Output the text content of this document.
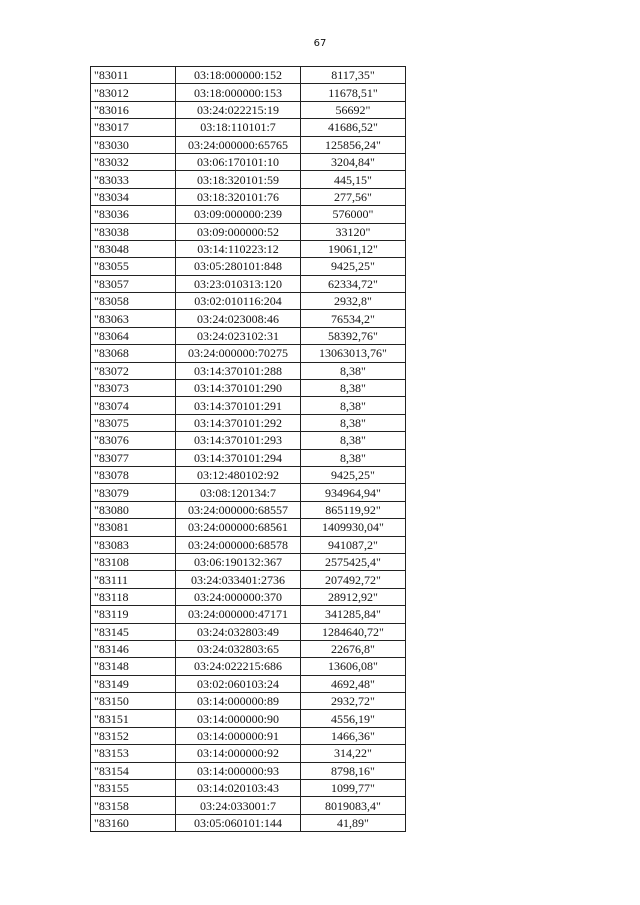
67
"83011	03:18:000000:152	8117,35"
"83012	03:18:000000:153	11678,51"
"83016	03:24:022215:19	56692"
"83017	03:18:110101:7	41686,52"
"83030	03:24:000000:65765	125856,24"
"83032	03:06:170101:10	3204,84"
"83033	03:18:320101:59	445,15"
"83034	03:18:320101:76	277,56"
"83036	03:09:000000:239	576000"
"83038	03:09:000000:52	33120"
"83048	03:14:110223:12	19061,12"
"83055	03:05:280101:848	9425,25"
"83057	03:23:010313:120	62334,72"
"83058	03:02:010116:204	2932,8"
"83063	03:24:023008:46	76534,2"
"83064	03:24:023102:31	58392,76"
"83068	03:24:000000:70275	13063013,76"
"83072	03:14:370101:288	8,38"
"83073	03:14:370101:290	8,38"
"83074	03:14:370101:291	8,38"
"83075	03:14:370101:292	8,38"
"83076	03:14:370101:293	8,38"
"83077	03:14:370101:294	8,38"
"83078	03:12:480102:92	9425,25"
"83079	03:08:120134:7	934964,94"
"83080	03:24:000000:68557	865119,92"
"83081	03:24:000000:68561	1409930,04"
"83083	03:24:000000:68578	941087,2"
"83108	03:06:190132:367	2575425,4"
"83111	03:24:033401:2736	207492,72"
"83118	03:24:000000:370	28912,92"
"83119	03:24:000000:47171	341285,84"
"83145	03:24:032803:49	1284640,72"
"83146	03:24:032803:65	22676,8"
"83148	03:24:022215:686	13606,08"
"83149	03:02:060103:24	4692,48"
"83150	03:14:000000:89	2932,72"
"83151	03:14:000000:90	4556,19"
"83152	03:14:000000:91	1466,36"
"83153	03:14:000000:92	314,22"
"83154	03:14:000000:93	8798,16"
"83155	03:14:020103:43	1099,77"
"83158	03:24:033001:7	8019083,4"
"83160	03:05:060101:144	41,89"
